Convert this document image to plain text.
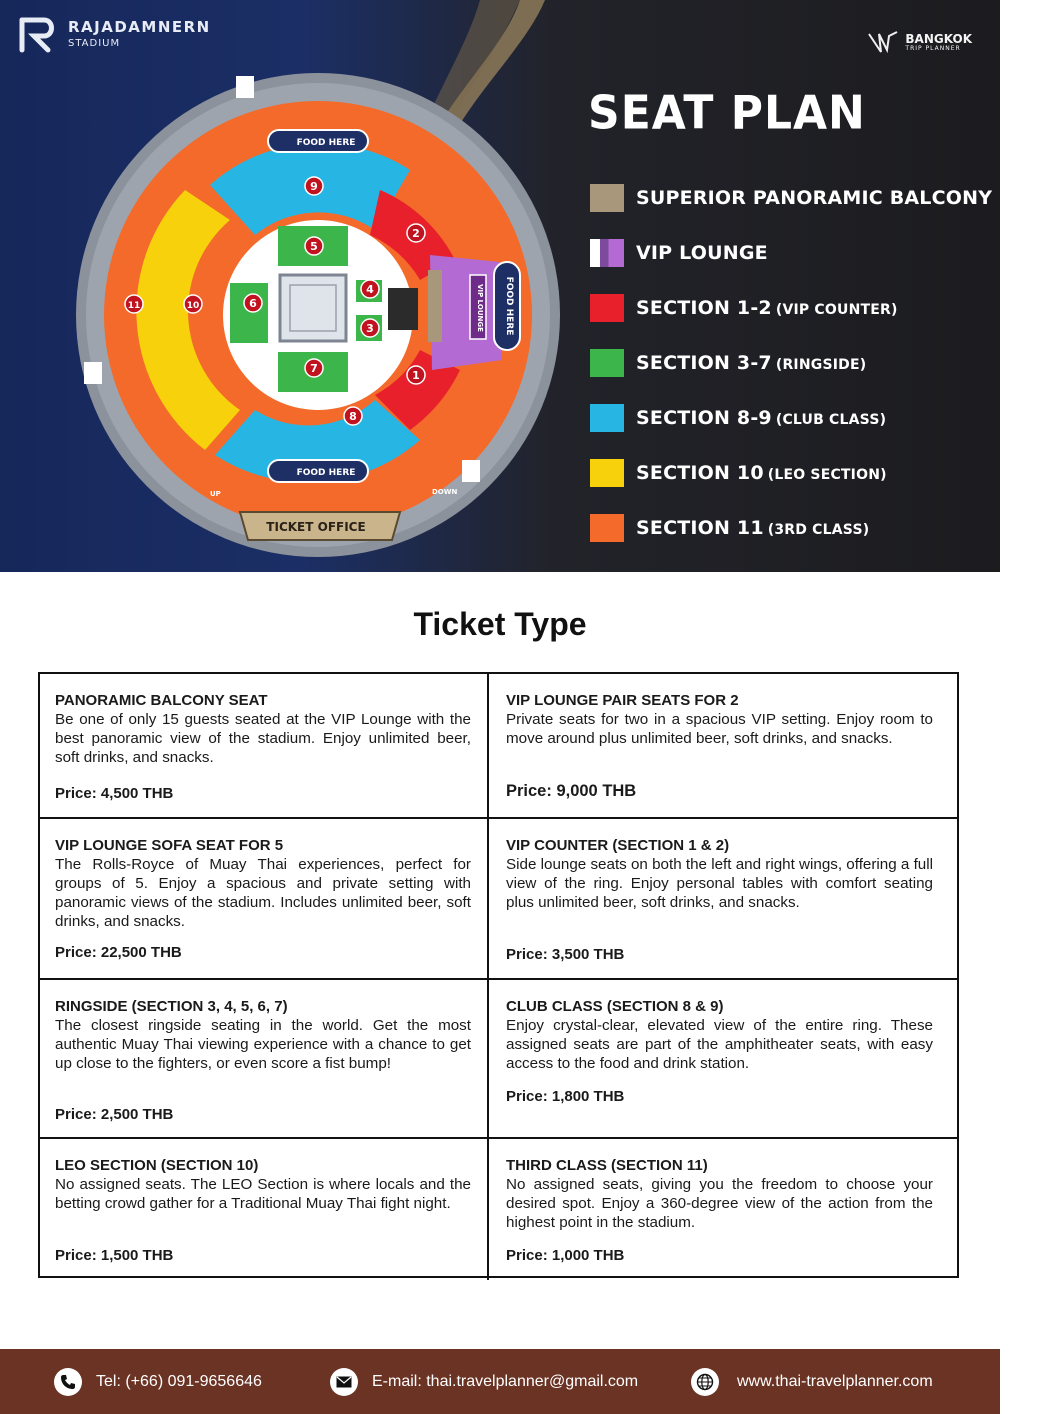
RAJADAMNERN
STADIUM	BANGKOK
TRIP PLANNER
1
2
3
4
5
6
7
8
9
10
11
FOOD HERE
FOOD HERE
FOOD HERE
VIP LOUNGE
TICKET OFFICE
UP	DOWN
SEAT PLAN
SUPERIOR PANORAMIC BALCONY SEAT
VIP LOUNGE
SECTION 1-2 (VIP COUNTER)
SECTION 3-7 (RINGSIDE)
SECTION 8-9 (CLUB CLASS)
SECTION 10 (LEO SECTION)
SECTION 11 (3RD CLASS)
Ticket Type
PANORAMIC BALCONY SEAT
Be one of only 15 guests seated at the VIP Lounge with the best panoramic view of the stadium. Enjoy unlimited beer, soft drinks, and snacks.
Price: 4,500 THB
VIP LOUNGE PAIR SEATS FOR 2
Private seats for two in a spacious VIP setting. Enjoy room to move around plus unlimited beer, soft drinks, and snacks.
Price: 9,000 THB
VIP LOUNGE SOFA SEAT FOR 5
The Rolls-Royce of Muay Thai experiences, perfect for groups of 5. Enjoy a spacious and private setting with panoramic views of the stadium. Includes unlimited beer, soft drinks, and snacks.
Price: 22,500 THB
VIP COUNTER (SECTION 1 & 2)
Side lounge seats on both the left and right wings, offering a full view of the ring. Enjoy personal tables with comfort seating plus unlimited beer, soft drinks, and snacks.
Price: 3,500 THB
RINGSIDE (SECTION 3, 4, 5, 6, 7)
The closest ringside seating in the world. Get the most authentic Muay Thai viewing experience with a chance to get up close to the fighters, or even score a fist bump!
Price: 2,500 THB
CLUB CLASS (SECTION 8 & 9)
Enjoy crystal-clear, elevated view of the entire ring. These assigned seats are part of the amphitheater seats, with easy access to the food and drink station.
Price: 1,800 THB
LEO SECTION (SECTION 10)
No assigned seats. The LEO Section is where locals and the betting crowd gather for a Traditional Muay Thai fight night.
Price: 1,500 THB
THIRD CLASS (SECTION 11)
No assigned seats, giving you the freedom to choose your desired spot. Enjoy a 360-degree view of the action from the highest point in the stadium.
Price: 1,000 THB
Tel: (+66) 091-9656646	E-mail: thai.travelplanner@gmail.com	www.thai-travelplanner.com
